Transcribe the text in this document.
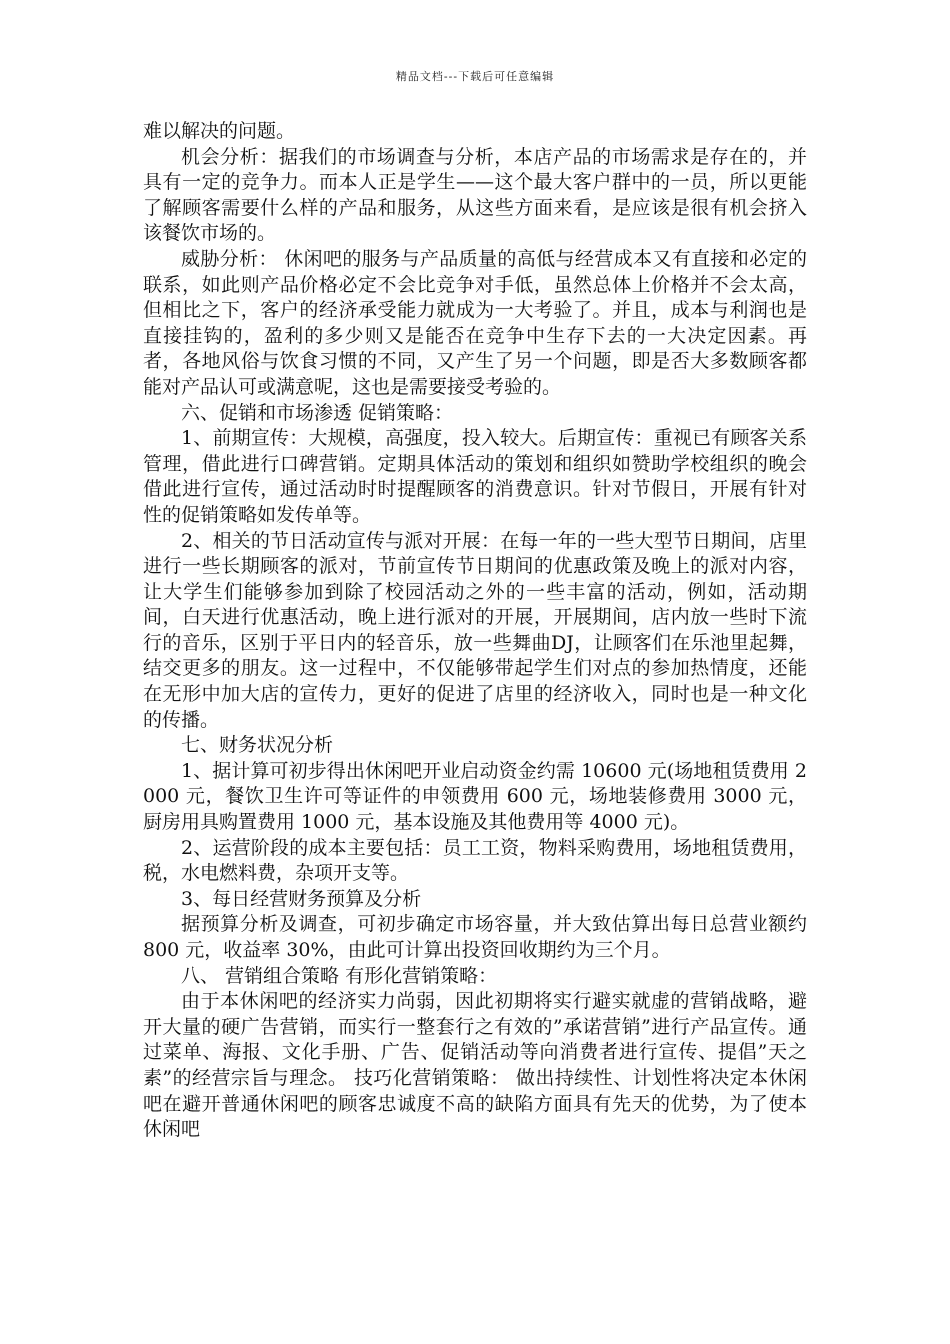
精品文档---下载后可任意编辑

难以解决的问题。

机会分析：据我们的市场调查与分析，本店产品的市场需求是存在的，并具有一定的竞争力。而本人正是学生——这个最大客户群中的一员，所以更能了解顾客需要什么样的产品和服务，从这些方面来看，是应该是很有机会挤入该餐饮市场的。

威胁分析： 休闲吧的服务与产品质量的高低与经营成本又有直接和必定的联系，如此则产品价格必定不会比竞争对手低，虽然总体上价格并不会太高，但相比之下，客户的经济承受能力就成为一大考验了。并且，成本与利润也是直接挂钩的，盈利的多少则又是能否在竞争中生存下去的一大决定因素。再者，各地风俗与饮食习惯的不同，又产生了另一个问题，即是否大多数顾客都能对产品认可或满意呢，这也是需要接受考验的。

六、促销和市场渗透 促销策略：

1、前期宣传：大规模，高强度，投入较大。后期宣传：重视已有顾客关系管理，借此进行口碑营销。定期具体活动的策划和组织如赞助学校组织的晚会借此进行宣传，通过活动时时提醒顾客的消费意识。针对节假日，开展有针对性的促销策略如发传单等。

2、相关的节日活动宣传与派对开展：在每一年的一些大型节日期间，店里进行一些长期顾客的派对，节前宣传节日期间的优惠政策及晚上的派对内容，让大学生们能够参加到除了校园活动之外的一些丰富的活动，例如，活动期间，白天进行优惠活动，晚上进行派对的开展，开展期间，店内放一些时下流行的音乐，区别于平日内的轻音乐，放一些舞曲DJ，让顾客们在乐池里起舞，结交更多的朋友。这一过程中，不仅能够带起学生们对点的参加热情度，还能在无形中加大店的宣传力，更好的促进了店里的经济收入，同时也是一种文化的传播。

七、财务状况分析

1、据计算可初步得出休闲吧开业启动资金约需 10600 元(场地租赁费用 2000 元，餐饮卫生许可等证件的申领费用 600 元，场地装修费用 3000 元，厨房用具购置费用 1000 元，基本设施及其他费用等 4000 元)。

2、运营阶段的成本主要包括：员工工资，物料采购费用，场地租赁费用，税，水电燃料费，杂项开支等。

3、每日经营财务预算及分析

据预算分析及调查，可初步确定市场容量，并大致估算出每日总营业额约 800 元，收益率 30%，由此可计算出投资回收期约为三个月。

八、 营销组合策略 有形化营销策略：

由于本休闲吧的经济实力尚弱，因此初期将实行避实就虚的营销战略，避开大量的硬广告营销，而实行一整套行之有效的”承诺营销”进行产品宣传。通过菜单、海报、文化手册、广告、促销活动等向消费者进行宣传、提倡”天之素”的经营宗旨与理念。 技巧化营销策略： 做出持续性、计划性将决定本休闲吧在避开普通休闲吧的顾客忠诚度不高的缺陷方面具有先天的优势，为了使本休闲吧
